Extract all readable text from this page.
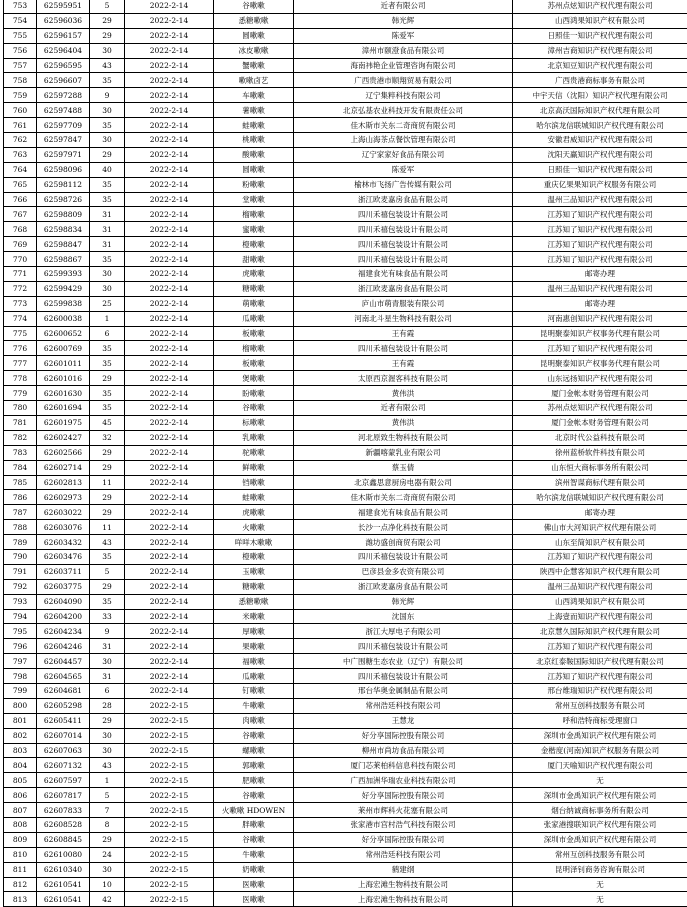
753	62595951	5	2022-2-14	谷嗽嗽	近者有限公司	苏州点炫知识产权代理有限公司
754	62596036	29	2022-2-14	悉糖嗽嗽	韩光辉	山西鸿果知识产权有限公司
755	62596157	29	2022-2-14	圆嗽嗽	陈爱军	日照佳一知识产权代理有限公司
756	62596404	30	2022-2-14	冰皮嗽嗽	漳州市颐澄食品有限公司	漳州吉商知识产权代理有限公司
757	62596595	43	2022-2-14	蟹嗽嗽	海南祎艳企业管理咨询有限公司	北京知豆知识产权代理有限公司
758	62596607	35	2022-2-14	嗽嗽卤艺	广西贵港市顺翔贸易有限公司	广西贵港商标事务有限公司
759	62597288	9	2022-2-14	车嗽嗽	辽宁集粹科技有限公司	中宇天信（沈阳）知识产权代理有限公司
760	62597488	30	2022-2-14	薯嗽嗽	北京弘基农业科技开发有限责任公司	北京高沃国际知识产权代理有限公司
761	62597709	35	2022-2-14	蛙嗽嗽	佳木斯市关东二奇商贸有限公司	哈尔滨龙信联城知识产权代理有限公司
762	62597847	30	2022-2-14	桃嗽嗽	上海山海茶点餐饮管理有限公司	安徽君威知识产权代理有限公司
763	62597971	29	2022-2-14	酸嗽嗽	辽宁家家好食品有限公司	沈阳天赢知识产权代理有限公司
764	62598096	40	2022-2-14	圆嗽嗽	陈爱军	日照佳一知识产权代理有限公司
765	62598112	35	2022-2-14	粉嗽嗽	榆林市飞扬广告传媒有限公司	重庆亿果果知识产权服务有限公司
766	62598726	35	2022-2-14	堂嗽嗽	浙江欧麦嘉房食品有限公司	温州三品知识产权代理有限公司
767	62598809	31	2022-2-14	榴嗽嗽	四川禾禧包装设计有限公司	江苏知了知识产权代理有限公司
768	62598834	31	2022-2-14	蜜嗽嗽	四川禾禧包装设计有限公司	江苏知了知识产权代理有限公司
769	62598847	31	2022-2-14	橙嗽嗽	四川禾禧包装设计有限公司	江苏知了知识产权代理有限公司
770	62598867	35	2022-2-14	甜嗽嗽	四川禾禧包装设计有限公司	江苏知了知识产权代理有限公司
771	62599393	30	2022-2-14	虎嗽嗽	福建食光有味食品有限公司	邮寄办理
772	62599429	30	2022-2-14	糖嗽嗽	浙江欧麦嘉房食品有限公司	温州三品知识产权代理有限公司
773	62599838	25	2022-2-14	萌嗽嗽	庐山市萌青服装有限公司	邮寄办理
774	62600038	1	2022-2-14	瓜嗽嗽	河南北斗星生物科技有限公司	河南惠创知识产权代理有限公司
775	62600652	6	2022-2-14	板嗽嗽	王有霞	昆明聚泰知识产权事务代理有限公司
776	62600769	35	2022-2-14	榴嗽嗽	四川禾禧包装设计有限公司	江苏知了知识产权代理有限公司
777	62601011	35	2022-2-14	板嗽嗽	王有霞	昆明聚泰知识产权事务代理有限公司
778	62601016	29	2022-2-14	煲嗽嗽	太原西京渥客科技有限公司	山东远扬知识产权代理有限公司
779	62601630	35	2022-2-14	盼嗽嗽	黄伟洪	厦门金帐本财务管理有限公司
780	62601694	35	2022-2-14	谷嗽嗽	近者有限公司	苏州点炫知识产权代理有限公司
781	62601975	45	2022-2-14	标嗽嗽	黄伟洪	厦门金帐本财务管理有限公司
782	62602427	32	2022-2-14	乳嗽嗽	河北原致生物科技有限公司	北京时代公益科技有限公司
783	62602566	29	2022-2-14	驼嗽嗽	新疆喀蒙乳业有限公司	徐州蓝桥软件科技有限公司
784	62602714	29	2022-2-14	鲜嗽嗽	蔡玉倩	山东恒大商标事务所有限公司
785	62602813	11	2022-2-14	铛嗽嗽	北京鑫思意厨房电器有限公司	滨州智谋商标代理有限公司
786	62602973	29	2022-2-14	蛙嗽嗽	佳木斯市关东二奇商贸有限公司	哈尔滨龙信联城知识产权代理有限公司
787	62603022	29	2022-2-14	虎嗽嗽	福建食光有味食品有限公司	邮寄办理
788	62603076	11	2022-2-14	火嗽嗽	长沙一点净化科技有限公司	佛山市大河知识产权代理有限公司
789	62603432	43	2022-2-14	咩咩木嗽嗽	潍坊盛创商贸有限公司	山东至简知识产权有限公司
790	62603476	35	2022-2-14	橙嗽嗽	四川禾禧包装设计有限公司	江苏知了知识产权代理有限公司
791	62603711	5	2022-2-14	玉嗽嗽	巴彦县金多农资有限公司	陕西中企慧客知识产权代理有限公司
792	62603775	29	2022-2-14	糖嗽嗽	浙江欧麦嘉房食品有限公司	温州三品知识产权代理有限公司
793	62604090	35	2022-2-14	悉糖嗽嗽	韩光辉	山西鸿果知识产权有限公司
794	62604200	33	2022-2-14	米嗽嗽	沈国东	上海壹而知识产权代理有限公司
795	62604234	9	2022-2-14	厚嗽嗽	浙江大厚电子有限公司	北京慧久国际知识产权代理有限公司
796	62604246	31	2022-2-14	果嗽嗽	四川禾禧包装设计有限公司	江苏知了知识产权代理有限公司
797	62604457	30	2022-2-14	福嗽嗽	中广围糖生态农业（辽宁）有限公司	北京红泰鞍国际知识产权代理有限公司
798	62604565	31	2022-2-14	瓜嗽嗽	四川禾禧包装设计有限公司	江苏知了知识产权代理有限公司
799	62604681	6	2022-2-14	钉嗽嗽	邢台华奥金属制品有限公司	邢台维瑞知识产权代理有限公司
800	62605298	28	2022-2-15	牛嗽嗽	常州浩廷科技有限公司	常州互创科技服务有限公司
801	62605411	29	2022-2-15	肉嗽嗽	王慧龙	呼和浩特商标受理窗口
802	62607014	30	2022-2-15	谷嗽嗽	好分享国际控股有限公司	深圳市金禹知识产权代理有限公司
803	62607063	30	2022-2-15	螺嗽嗽	柳州市尚坊食品有限公司	金楷度(河南)知识产权服务有限公司
804	62607132	43	2022-2-15	郭嗽嗽	厦门芯莱柏科信息科技有限公司	厦门天喻知识产权代理有限公司
805	62607597	1	2022-2-15	肥嗽嗽	广西加洲华瑞农业科技有限公司	无
806	62607817	5	2022-2-15	谷嗽嗽	好分享国际控股有限公司	深圳市金禹知识产权代理有限公司
807	62607833	7	2022-2-15	火嗽嗽 HDOWEN	莱州市辉科火花塞有限公司	烟台纳诚商标事务所有限公司
808	62608528	8	2022-2-15	胖嗽嗽	张家港市宫村浩气科技有限公司	张家港搜联知识产权代理有限公司
809	62608845	29	2022-2-15	谷嗽嗽	好分享国际控股有限公司	深圳市金禹知识产权代理有限公司
810	62610080	24	2022-2-15	牛嗽嗽	常州浩廷科技有限公司	常州互创科技服务有限公司
811	62610340	30	2022-2-15	奶嗽嗽	鹤建纲	昆明泽钊商务咨询有限公司
812	62610541	10	2022-2-15	医嗽嗽	上海宏滩生物科技有限公司	无
813	62610541	42	2022-2-15	医嗽嗽	上海宏滩生物科技有限公司	无
